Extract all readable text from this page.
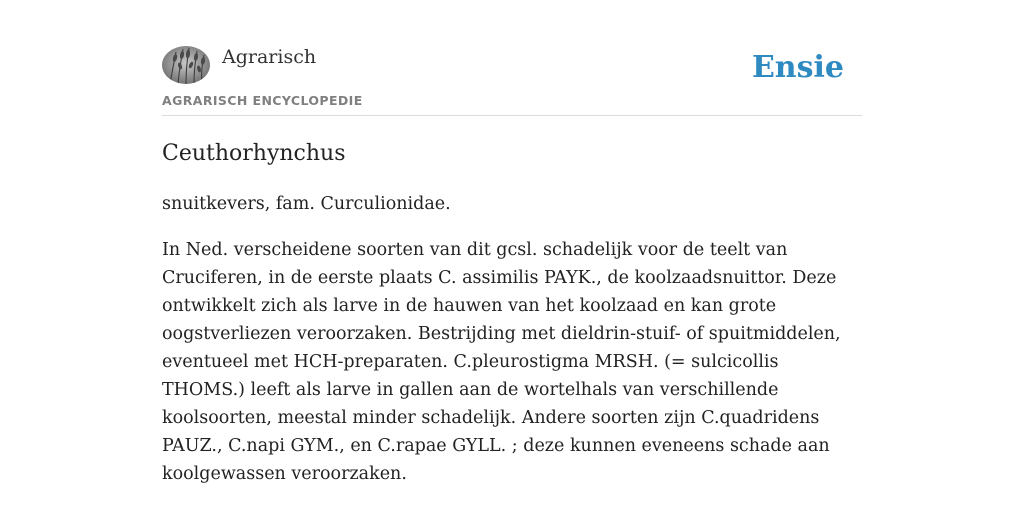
Agrarisch
AGRARISCH ENCYCLOPEDIE
Ensie
Ceuthorhynchus

snuitkevers, fam. Curculionidae.

In Ned. verscheidene soorten van dit gcsl. schadelijk voor de teelt van Cruciferen, in de eerste plaats C. assimilis PAYK., de koolzaadsnuittor. Deze ontwikkelt zich als larve in de hauwen van het koolzaad en kan grote oogstverliezen veroorzaken. Bestrijding met dieldrin-stuif- of spuitmiddelen, eventueel met HCH-preparaten. C.pleurostigma MRSH. (= sulcicollis THOMS.) leeft als larve in gallen aan de wortelhals van verschillende koolsoorten, meestal minder schadelijk. Andere soorten zijn C.quadridens PAUZ., C.napi GYM., en C.rapae GYLL. ; deze kunnen eveneens schade aan koolgewassen veroorzaken.
